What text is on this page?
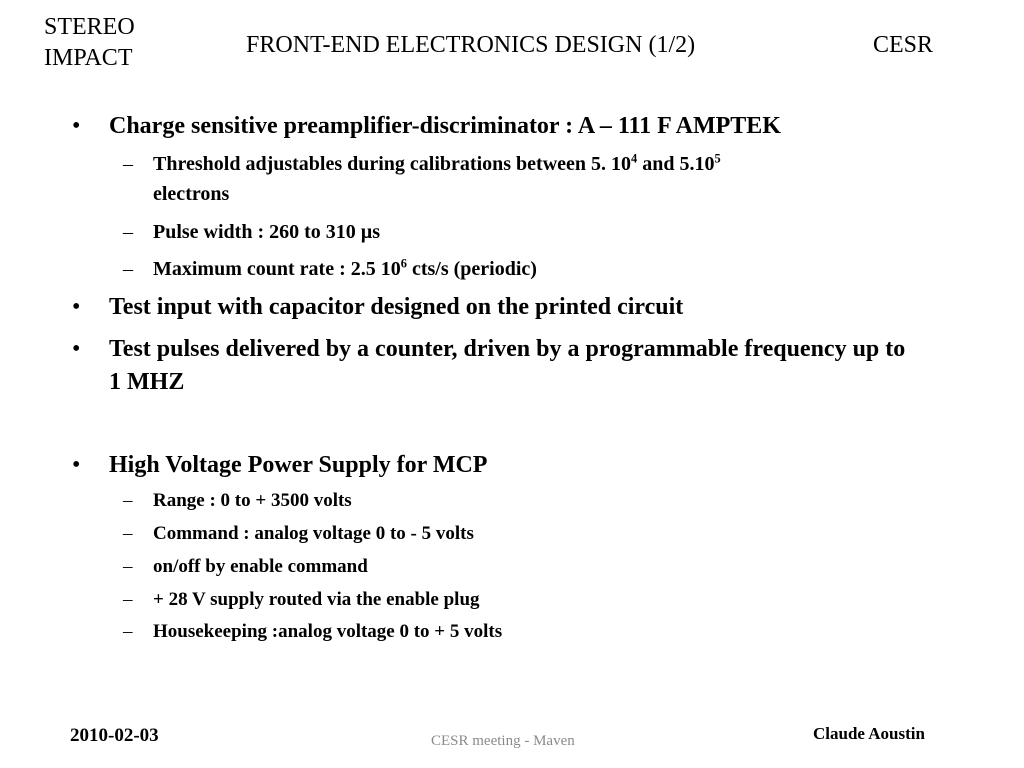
STEREO
IMPACT	FRONT-END ELECTRONICS DESIGN (1/2)	CESR
• Charge sensitive preamplifier-discriminator : A – 111 F AMPTEK
– Threshold adjustables during calibrations between 5. $10^4$ and 5.10$^5$
electrons
– Pulse width : 260 to 310 µs
– Maximum count rate : 2.5 $10^6$ cts/s (periodic)
• Test input with capacitor designed on the printed circuit
• Test pulses delivered by a counter, driven by a programmable frequency up to 1 MHZ
• High Voltage Power Supply for MCP
– Range : 0 to + 3500 volts
– Command : analog voltage 0 to - 5 volts
– on/off by enable command
– + 28 V supply routed via the enable plug
– Housekeeping :analog voltage 0 to + 5 volts
2010-02-03	CESR meeting - Maven	Claude Aoustin
